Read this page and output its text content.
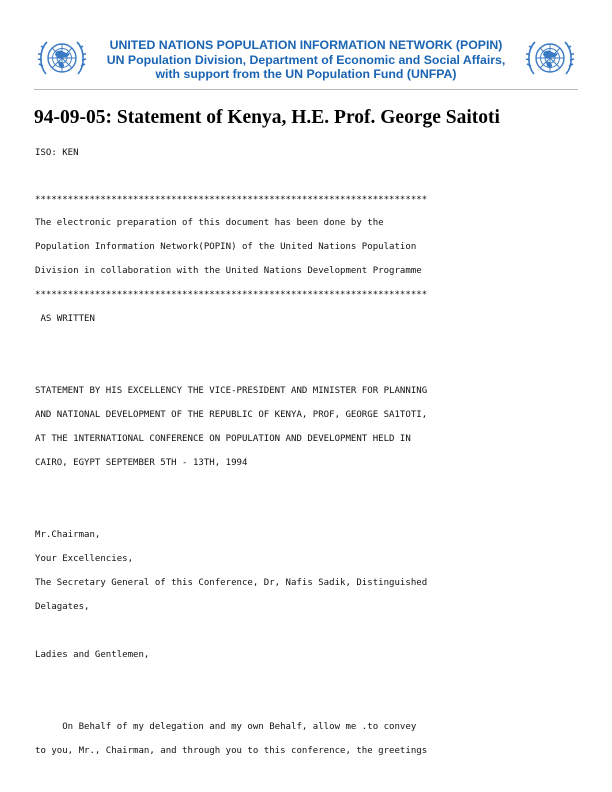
UNITED NATIONS POPULATION INFORMATION NETWORK (POPIN)
UN Population Division, Department of Economic and Social Affairs,
with support from the UN Population Fund (UNFPA)
94-09-05: Statement of Kenya, H.E. Prof. George Saitoti
ISO: KEN
************************************************************************
The electronic preparation of this document has been done by the
Population Information Network(POPIN) of the United Nations Population
Division in collaboration with the United Nations Development Programme
************************************************************************
AS WRITTEN
STATEMENT BY HIS EXCELLENCY THE VICE-PRESIDENT AND MINISTER FOR PLANNING
AND NATIONAL DEVELOPMENT OF THE REPUBLIC OF KENYA, PROF, GEORGE SA1TOTI,
AT THE 1NTERNATIONAL CONFERENCE ON POPULATION AND DEVELOPMENT HELD IN
CAIRO, EGYPT SEPTEMBER 5TH - 13TH, 1994
Mr.Chairman,
Your Excellencies,
The Secretary General of this Conference, Dr, Nafis Sadik, Distinguished
Delagates,
Ladies and Gentlemen,
On Behalf of my delegation and my own Behalf, allow me .to convey
to you, Mr., Chairman, and through you to this conference, the greetings
